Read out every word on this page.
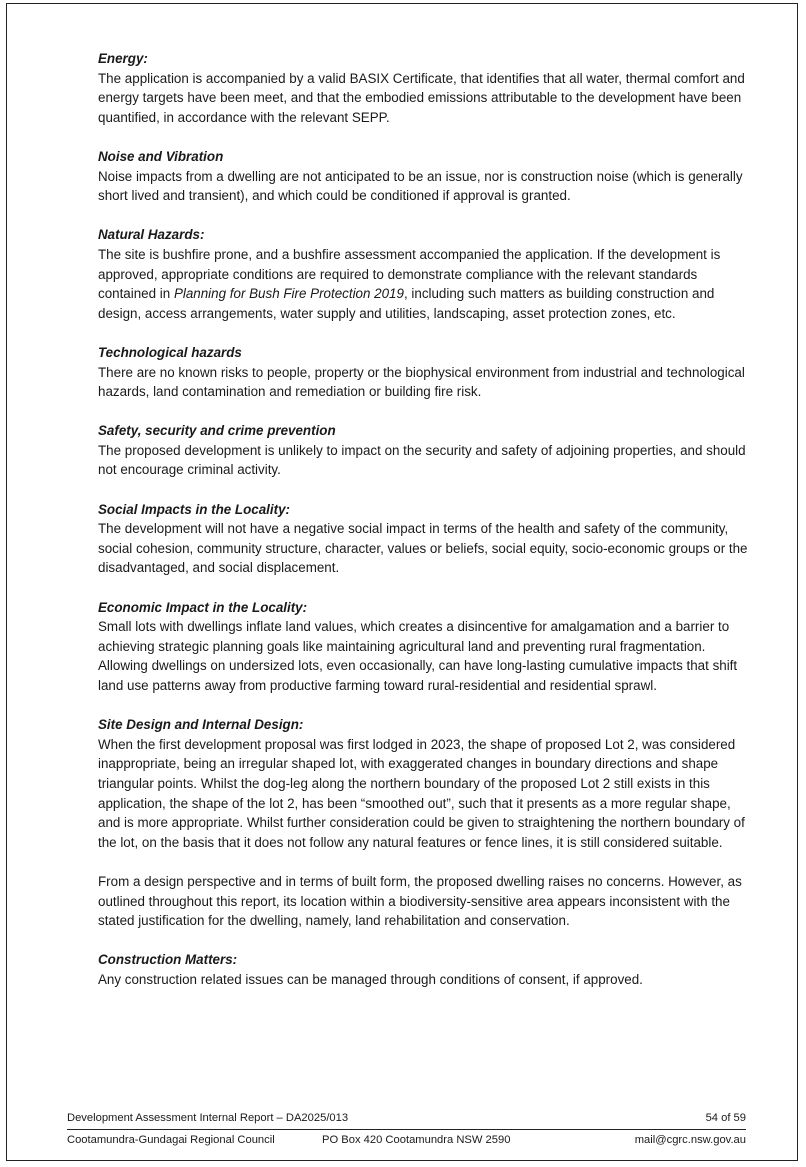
Energy:

The application is accompanied by a valid BASIX Certificate, that identifies that all water, thermal comfort and energy targets have been meet, and that the embodied emissions attributable to the development have been quantified, in accordance with the relevant SEPP.

Noise and Vibration

Noise impacts from a dwelling are not anticipated to be an issue, nor is construction noise (which is generally short lived and transient), and which could be conditioned if approval is granted.

Natural Hazards:

The site is bushfire prone, and a bushfire assessment accompanied the application. If the development is approved, appropriate conditions are required to demonstrate compliance with the relevant standards contained in Planning for Bush Fire Protection 2019, including such matters as building construction and design, access arrangements, water supply and utilities, landscaping, asset protection zones, etc.

Technological hazards

There are no known risks to people, property or the biophysical environment from industrial and technological hazards, land contamination and remediation or building fire risk.

Safety, security and crime prevention

The proposed development is unlikely to impact on the security and safety of adjoining properties, and should not encourage criminal activity.

Social Impacts in the Locality:

The development will not have a negative social impact in terms of the health and safety of the community, social cohesion, community structure, character, values or beliefs, social equity, socio-economic groups or the disadvantaged, and social displacement.

Economic Impact in the Locality:

Small lots with dwellings inflate land values, which creates a disincentive for amalgamation and a barrier to achieving strategic planning goals like maintaining agricultural land and preventing rural fragmentation. Allowing dwellings on undersized lots, even occasionally, can have long-lasting cumulative impacts that shift land use patterns away from productive farming toward rural-residential and residential sprawl.

Site Design and Internal Design:

When the first development proposal was first lodged in 2023, the shape of proposed Lot 2, was considered inappropriate, being an irregular shaped lot, with exaggerated changes in boundary directions and shape triangular points. Whilst the dog-leg along the northern boundary of the proposed Lot 2 still exists in this application, the shape of the lot 2, has been “smoothed out”, such that it presents as a more regular shape, and is more appropriate. Whilst further consideration could be given to straightening the northern boundary of the lot, on the basis that it does not follow any natural features or fence lines, it is still considered suitable.

From a design perspective and in terms of built form, the proposed dwelling raises no concerns. However, as outlined throughout this report, its location within a biodiversity-sensitive area appears inconsistent with the stated justification for the dwelling, namely, land rehabilitation and conservation.

Construction Matters:

Any construction related issues can be managed through conditions of consent, if approved.

Development Assessment Internal Report – DA2025/013	54 of 59
Cootamundra-Gundagai Regional Council	PO Box 420 Cootamundra NSW 2590	mail@cgrc.nsw.gov.au
